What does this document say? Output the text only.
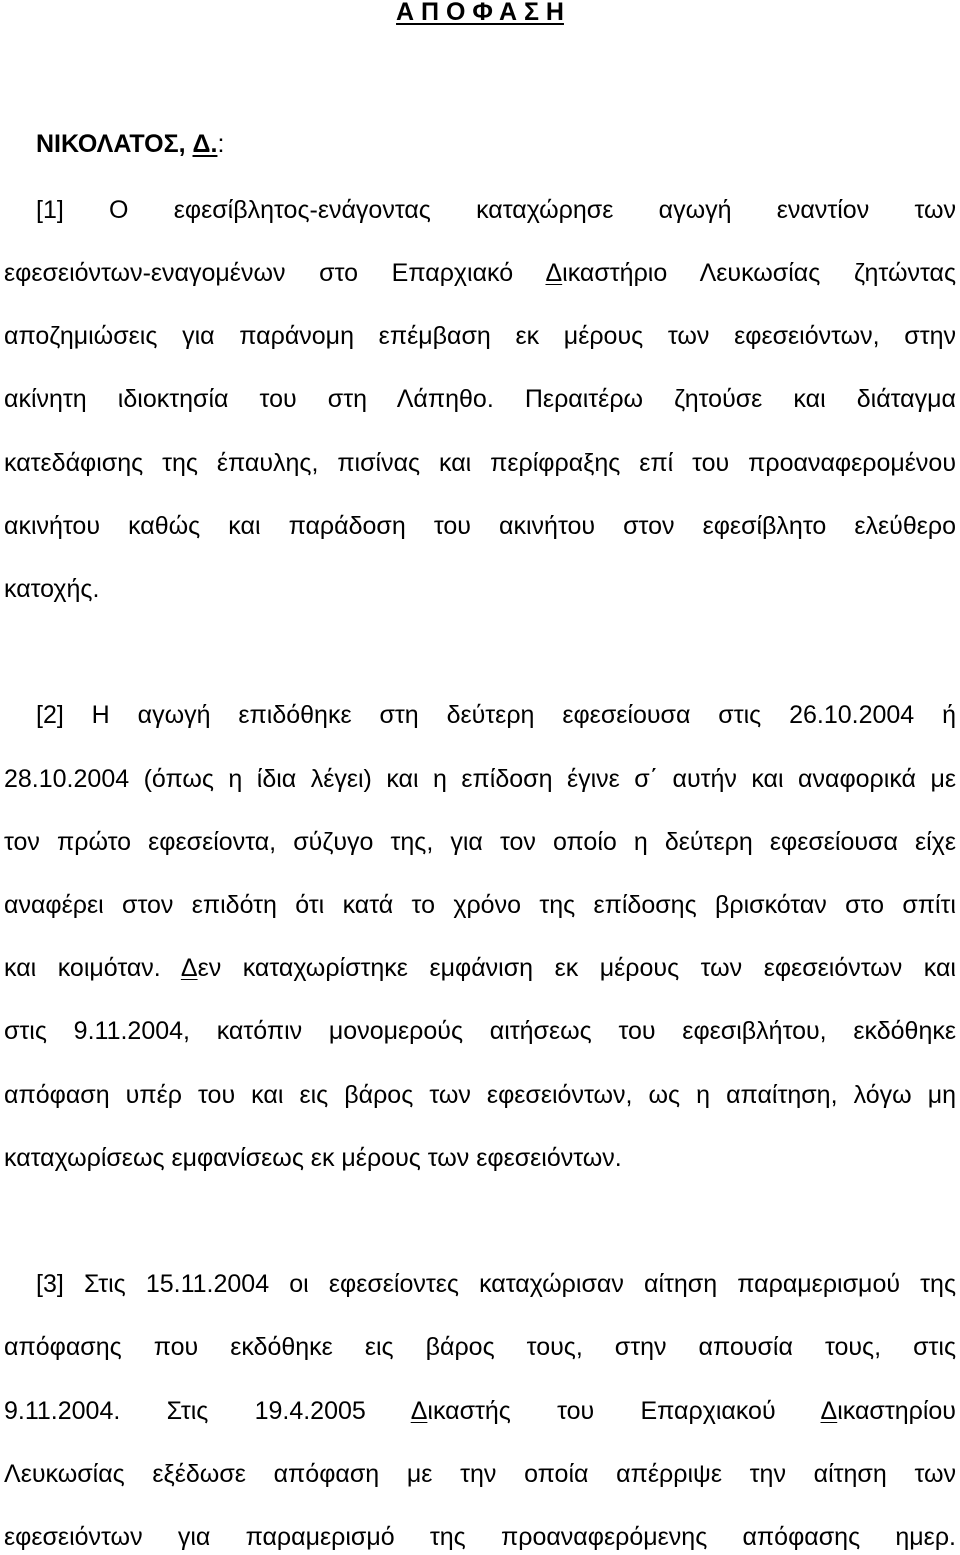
Α Π Ο Φ Α Σ Η
ΝΙΚΟΛΑΤΟΣ, Δ.:
[1] Ο εφεσίβλητος-ενάγοντας καταχώρησε αγωγή εναντίον των
εφεσειόντων-εναγομένων στο Επαρχιακό Δικαστήριο Λευκωσίας ζητώντας
αποζημιώσεις για παράνομη επέμβαση εκ μέρους των εφεσειόντων, στην
ακίνητη ιδιοκτησία του στη Λάπηθο. Περαιτέρω ζητούσε και διάταγμα
κατεδάφισης της έπαυλης, πισίνας και περίφραξης επί του προαναφερομένου
ακινήτου καθώς και παράδοση του ακινήτου στον εφεσίβλητο ελεύθερο
κατοχής.
[2] Η αγωγή επιδόθηκε στη δεύτερη εφεσείουσα στις 26.10.2004 ή
28.10.2004 (όπως η ίδια λέγει) και η επίδοση έγινε σ΄ αυτήν και αναφορικά με
τον πρώτο εφεσείοντα, σύζυγο της, για τον οποίο η δεύτερη εφεσείουσα είχε
αναφέρει στον επιδότη ότι κατά το χρόνο της επίδοσης βρισκόταν στο σπίτι
και κοιμόταν. Δεν καταχωρίστηκε εμφάνιση εκ μέρους των εφεσειόντων και
στις 9.11.2004, κατόπιν μονομερούς αιτήσεως του εφεσιβλήτου, εκδόθηκε
απόφαση υπέρ του και εις βάρος των εφεσειόντων, ως η απαίτηση, λόγω μη
καταχωρίσεως εμφανίσεως εκ μέρους των εφεσειόντων.
[3] Στις 15.11.2004 οι εφεσείοντες καταχώρισαν αίτηση παραμερισμού της
απόφασης που εκδόθηκε εις βάρος τους, στην απουσία τους, στις
9.11.2004. Στις 19.4.2005 Δικαστής του Επαρχιακού Δικαστηρίου
Λευκωσίας εξέδωσε απόφαση με την οποία απέρριψε την αίτηση των
εφεσειόντων για παραμερισμό της προαναφερόμενης απόφασης ημερ.
